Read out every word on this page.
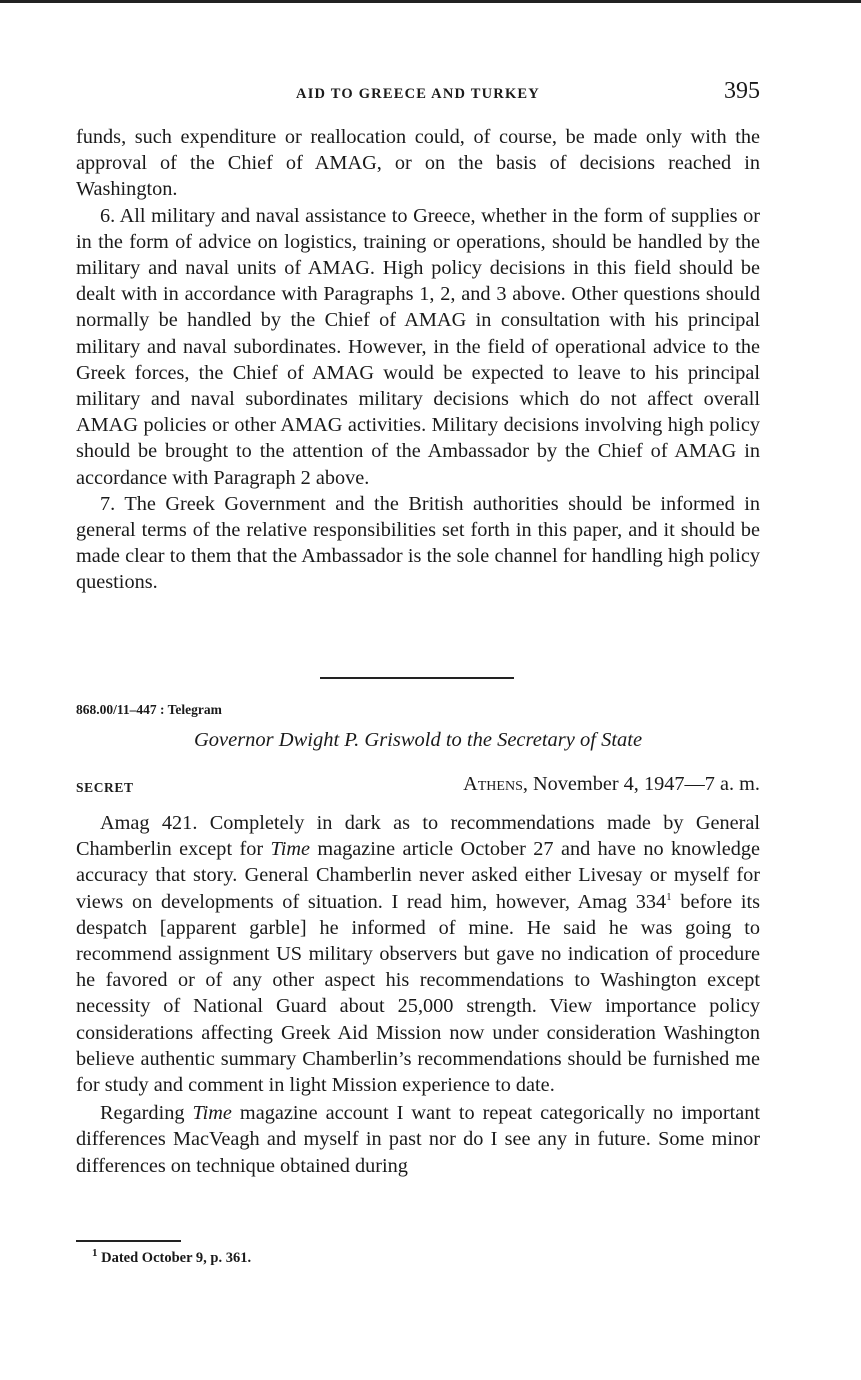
AID TO GREECE AND TURKEY	395

funds, such expenditure or reallocation could, of course, be made only with the approval of the Chief of AMAG, or on the basis of decisions reached in Washington.

6. All military and naval assistance to Greece, whether in the form of supplies or in the form of advice on logistics, training or operations, should be handled by the military and naval units of AMAG. High policy decisions in this field should be dealt with in accordance with Paragraphs 1, 2, and 3 above. Other questions should normally be handled by the Chief of AMAG in consultation with his principal military and naval subordinates. However, in the field of operational advice to the Greek forces, the Chief of AMAG would be expected to leave to his principal military and naval subordinates military decisions which do not affect overall AMAG policies or other AMAG activities. Military decisions involving high policy should be brought to the attention of the Ambassador by the Chief of AMAG in accordance with Paragraph 2 above.

7. The Greek Government and the British authorities should be informed in general terms of the relative responsibilities set forth in this paper, and it should be made clear to them that the Ambassador is the sole channel for handling high policy questions.

868.00/11–447 : Telegram
Governor Dwight P. Griswold to the Secretary of State
SECRET	Athens, November 4, 1947—7 a. m.

Amag 421. Completely in dark as to recommendations made by General Chamberlin except for Time magazine article October 27 and have no knowledge accuracy that story. General Chamberlin never asked either Livesay or myself for views on developments of situation. I read him, however, Amag $334^1$ before its despatch [apparent garble] he informed of mine. He said he was going to recommend assignment US military observers but gave no indication of procedure he favored or of any other aspect his recommendations to Washington except necessity of National Guard about 25,000 strength. View importance policy considerations affecting Greek Aid Mission now under consideration Washington believe authentic summary Chamberlin’s recommendations should be furnished me for study and comment in light Mission experience to date.

Regarding Time magazine account I want to repeat categorically no important differences MacVeagh and myself in past nor do I see any in future. Some minor differences on technique obtained during

$^1$ Dated October 9, p. 361.
